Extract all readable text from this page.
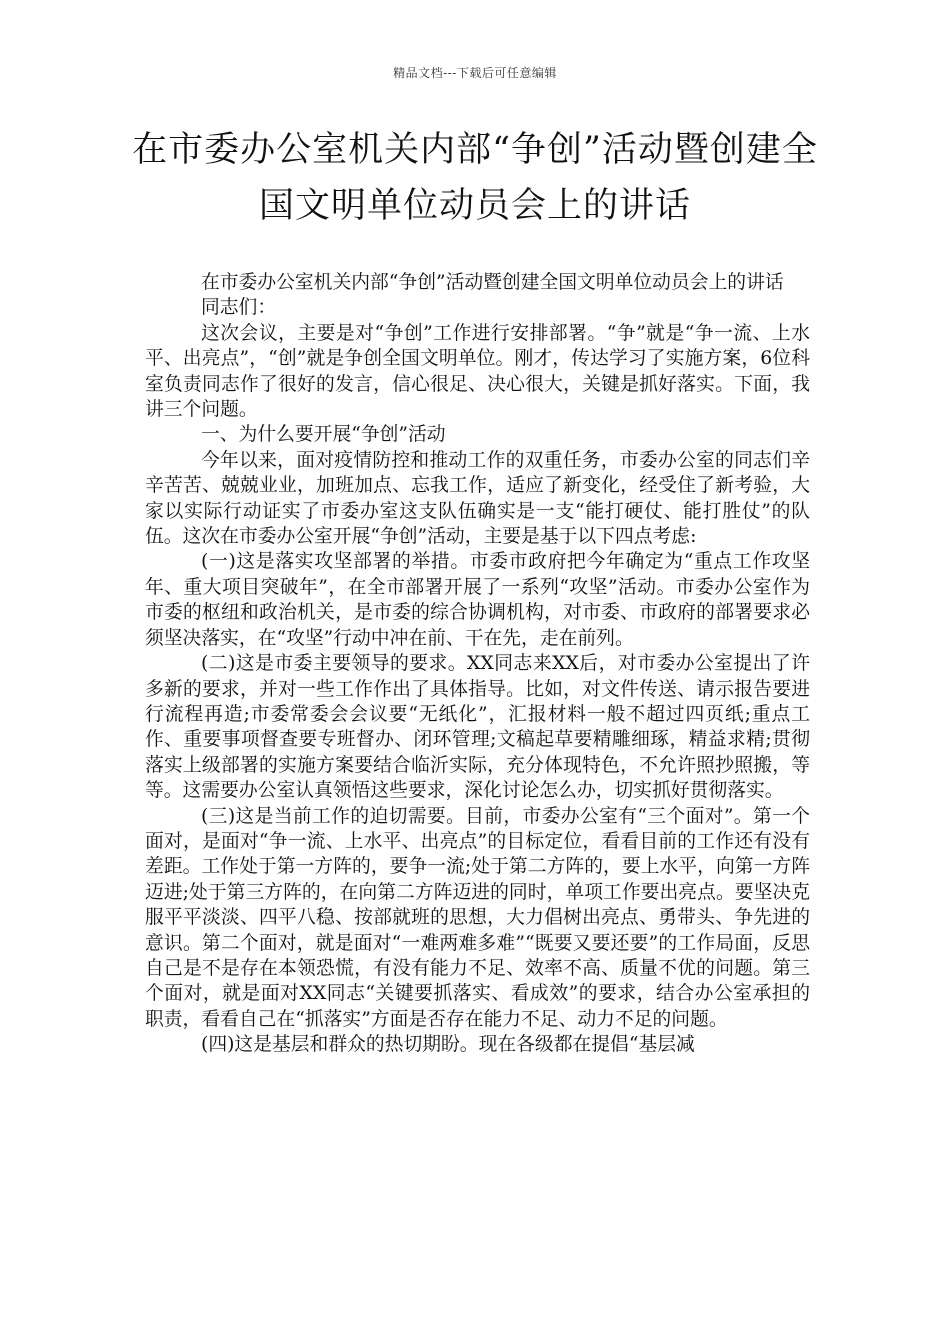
精品文档---下载后可任意编辑
在市委办公室机关内部“争创”活动暨创建全国文明单位动员会上的讲话

在市委办公室机关内部“争创”活动暨创建全国文明单位动员会上的讲话

同志们：

这次会议，主要是对“争创”工作进行安排部署。“争”就是“争一流、上水平、出亮点”，“创”就是争创全国文明单位。刚才，传达学习了实施方案，6位科室负责同志作了很好的发言，信心很足、决心很大，关键是抓好落实。下面，我讲三个问题。

一、为什么要开展“争创”活动

今年以来，面对疫情防控和推动工作的双重任务，市委办公室的同志们辛辛苦苦、兢兢业业，加班加点、忘我工作，适应了新变化，经受住了新考验，大家以实际行动证实了市委办室这支队伍确实是一支“能打硬仗、能打胜仗”的队伍。这次在市委办公室开展“争创”活动，主要是基于以下四点考虑:

(一)这是落实攻坚部署的举措。市委市政府把今年确定为“重点工作攻坚年、重大项目突破年”，在全市部署开展了一系列“攻坚”活动。市委办公室作为市委的枢纽和政治机关，是市委的综合协调机构，对市委、市政府的部署要求必须坚决落实，在“攻坚”行动中冲在前、干在先，走在前列。

(二)这是市委主要领导的要求。XX同志来XX后，对市委办公室提出了许多新的要求，并对一些工作作出了具体指导。比如，对文件传送、请示报告要进行流程再造;市委常委会会议要“无纸化”，汇报材料一般不超过四页纸;重点工作、重要事项督查要专班督办、闭环管理;文稿起草要精雕细琢，精益求精;贯彻落实上级部署的实施方案要结合临沂实际，充分体现特色，不允许照抄照搬，等等。这需要办公室认真领悟这些要求，深化讨论怎么办，切实抓好贯彻落实。

(三)这是当前工作的迫切需要。目前，市委办公室有“三个面对”。第一个面对，是面对“争一流、上水平、出亮点”的目标定位，看看目前的工作还有没有差距。工作处于第一方阵的，要争一流;处于第二方阵的，要上水平，向第一方阵迈进;处于第三方阵的，在向第二方阵迈进的同时，单项工作要出亮点。要坚决克服平平淡淡、四平八稳、按部就班的思想，大力倡树出亮点、勇带头、争先进的意识。第二个面对，就是面对“一难两难多难”“既要又要还要”的工作局面，反思自己是不是存在本领恐慌，有没有能力不足、效率不高、质量不优的问题。第三个面对，就是面对XX同志“关键要抓落实、看成效”的要求，结合办公室承担的职责，看看自己在“抓落实”方面是否存在能力不足、动力不足的问题。

(四)这是基层和群众的热切期盼。现在各级都在提倡“基层减
